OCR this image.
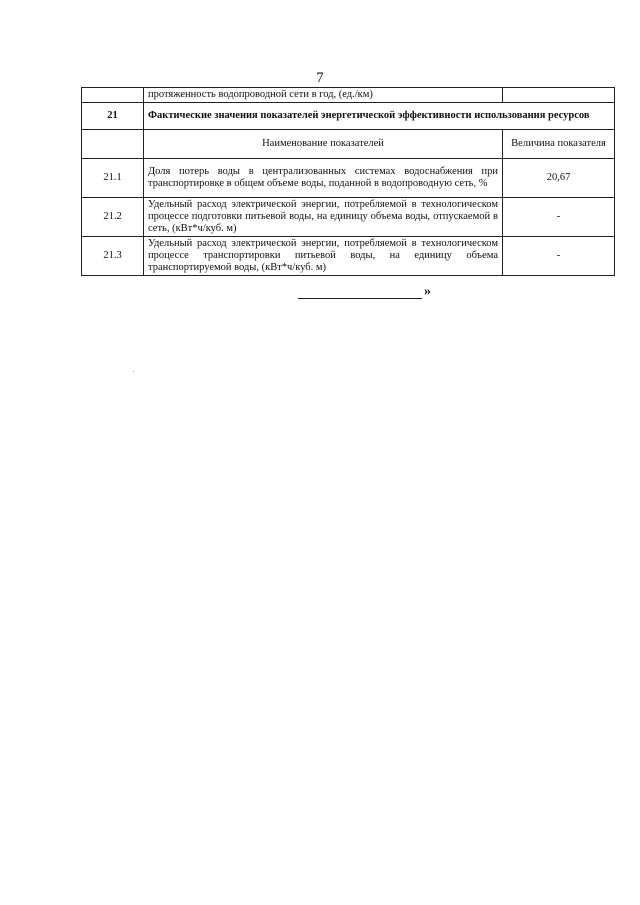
7
	протяженность водопроводной сети в год, (ед./км)	
21	Фактические значения показателей энергетической эффективности использования ресурсов	
	Наименование показателей	Величина показателя
21.1	Доля потерь воды в централизованных системах водоснабжения при транспортировке в общем объеме воды, поданной в водопроводную сеть, %	20,67
21.2	Удельный расход электрической энергии, потребляемой в технологическом процессе подготовки питьевой воды, на единицу объема воды, отпускаемой в сеть, (кВт*ч/куб. м)	-
21.3	Удельный расход электрической энергии, потребляемой в технологическом процессе транспортировки питьевой воды, на единицу объема транспортируемой воды, (кВт*ч/куб. м)	-
»
